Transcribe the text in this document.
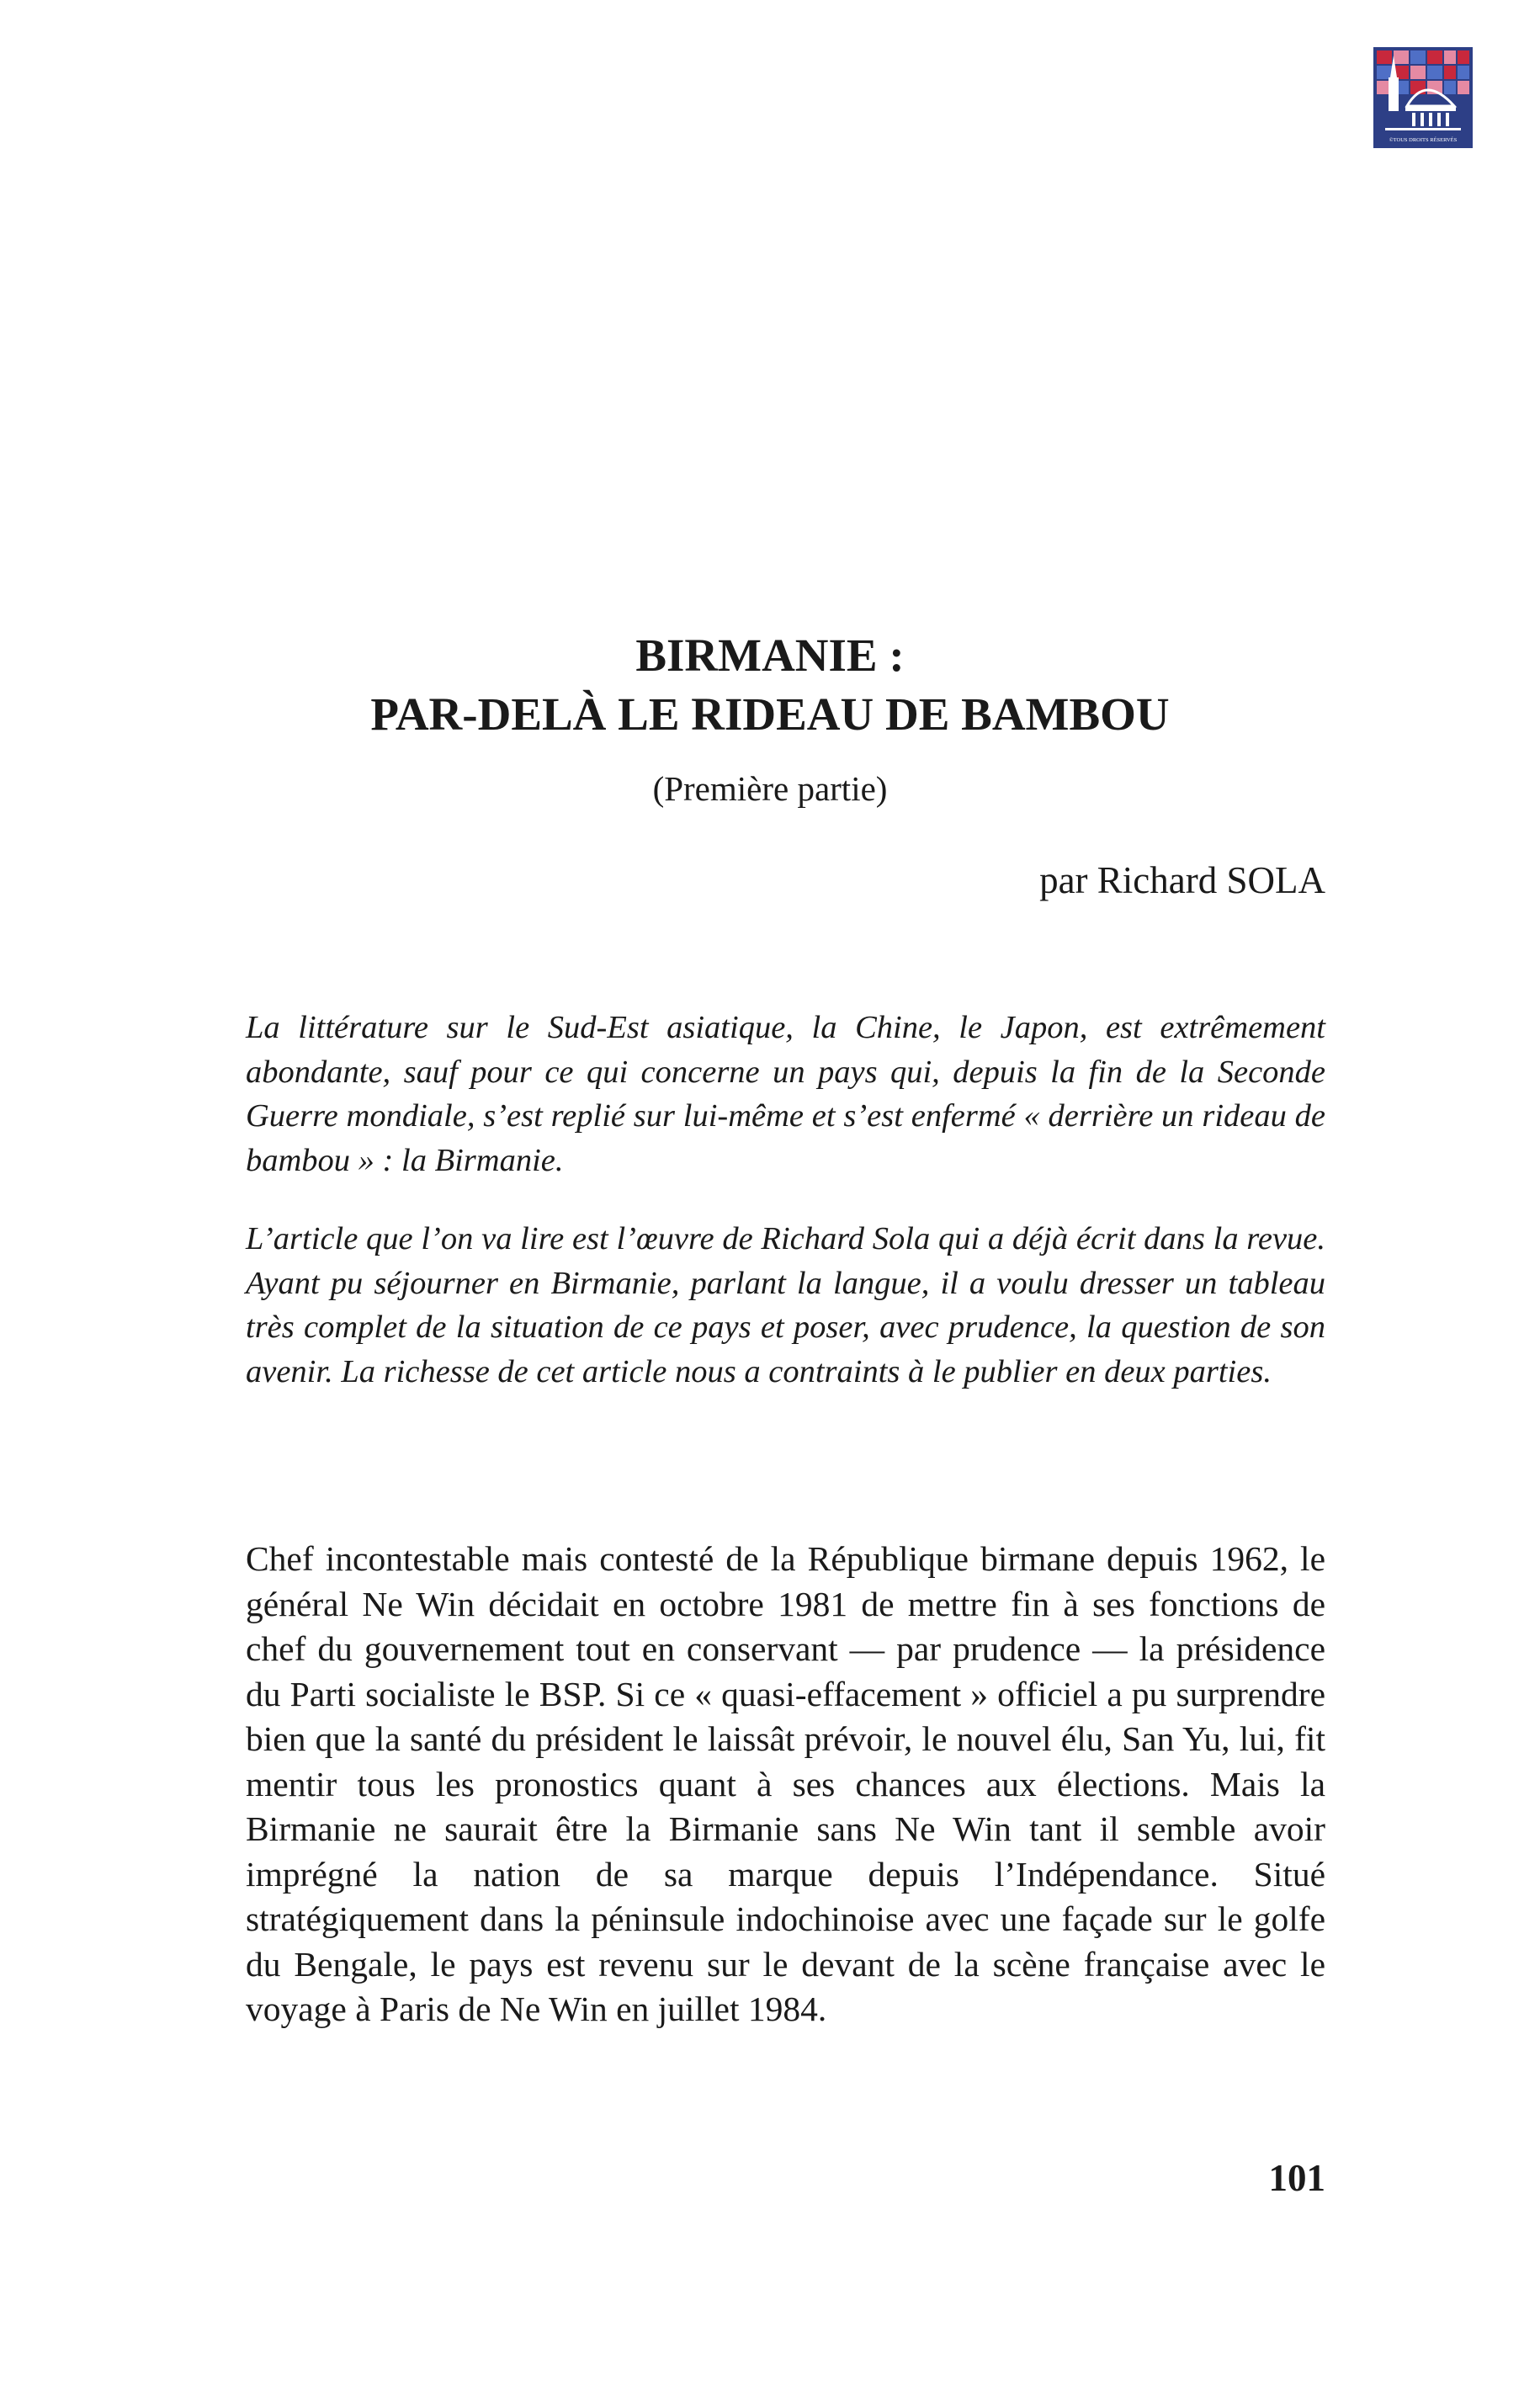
©TOUS DROITS RÉSERVÉS
BIRMANIE :
PAR-DELÀ LE RIDEAU DE BAMBOU
(Première partie)
par Richard SOLA

La littérature sur le Sud-Est asiatique, la Chine, le Japon, est extrêmement abondante, sauf pour ce qui concerne un pays qui, depuis la fin de la Seconde Guerre mondiale, s’est replié sur lui-même et s’est enfermé « derrière un rideau de bambou » : la Birmanie.

L’article que l’on va lire est l’œuvre de Richard Sola qui a déjà écrit dans la revue. Ayant pu séjourner en Birmanie, parlant la langue, il a voulu dresser un tableau très complet de la situation de ce pays et poser, avec prudence, la question de son avenir. La richesse de cet article nous a contraints à le publier en deux parties.

Chef incontestable mais contesté de la République birmane depuis 1962, le général Ne Win décidait en octobre 1981 de mettre fin à ses fonctions de chef du gouvernement tout en conservant — par prudence — la présidence du Parti socialiste le BSP. Si ce « quasi-effacement » officiel a pu surprendre bien que la santé du président le laissât prévoir, le nouvel élu, San Yu, lui, fit mentir tous les pronostics quant à ses chances aux élections. Mais la Birmanie ne saurait être la Birmanie sans Ne Win tant il semble avoir imprégné la nation de sa marque depuis l’Indépendance. Situé stratégiquement dans la péninsule indochinoise avec une façade sur le golfe du Bengale, le pays est revenu sur le devant de la scène française avec le voyage à Paris de Ne Win en juillet 1984.

101
